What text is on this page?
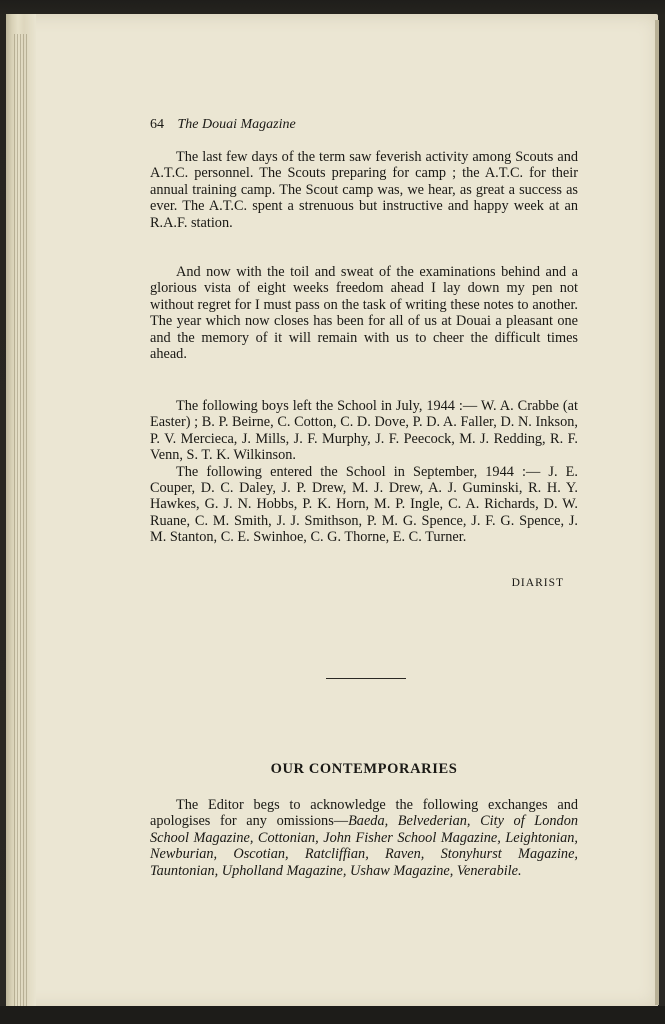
64 The Douai Magazine

The last few days of the term saw feverish activity among Scouts and A.T.C. personnel. The Scouts preparing for camp ; the A.T.C. for their annual training camp. The Scout camp was, we hear, as great a success as ever. The A.T.C. spent a strenuous but instructive and happy week at an R.A.F. station.

And now with the toil and sweat of the examinations behind and a glorious vista of eight weeks freedom ahead I lay down my pen not without regret for I must pass on the task of writing these notes to another. The year which now closes has been for all of us at Douai a pleasant one and the memory of it will remain with us to cheer the difficult times ahead.

The following boys left the School in July, 1944 :— W. A. Crabbe (at Easter) ; B. P. Beirne, C. Cotton, C. D. Dove, P. D. A. Faller, D. N. Inkson, P. V. Mercieca, J. Mills, J. F. Murphy, J. F. Peecock, M. J. Redding, R. F. Venn, S. T. K. Wilkinson.

The following entered the School in September, 1944 :— J. E. Couper, D. C. Daley, J. P. Drew, M. J. Drew, A. J. Guminski, R. H. Y. Hawkes, G. J. N. Hobbs, P. K. Horn, M. P. Ingle, C. A. Richards, D. W. Ruane, C. M. Smith, J. J. Smithson, P. M. G. Spence, J. F. G. Spence, J. M. Stanton, C. E. Swinhoe, C. G. Thorne, E. C. Turner.

DIARIST
OUR CONTEMPORARIES

The Editor begs to acknowledge the following exchanges and apologises for any omissions—Baeda, Belvederian, City of London School Magazine, Cottonian, John Fisher School Magazine, Leightonian, Newburian, Oscotian, Ratcliffian, Raven, Stonyhurst Magazine, Tauntonian, Upholland Magazine, Ushaw Magazine, Venerabile.
